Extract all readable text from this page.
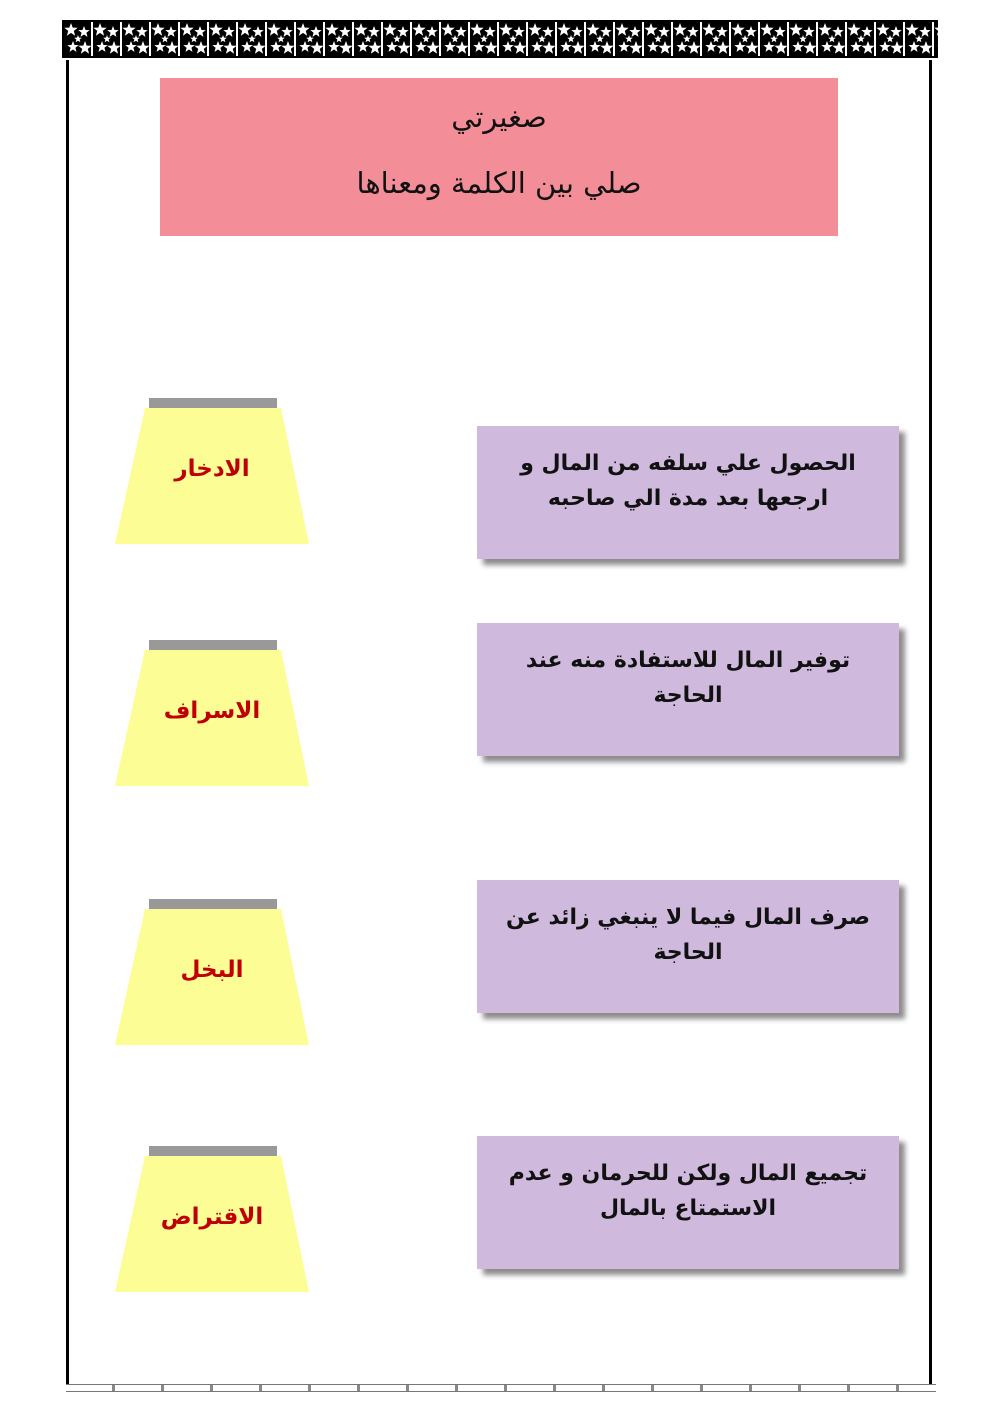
صغيرتي
صلي بين الكلمة ومعناها
الادخار
الاسراف
البخل
الاقتراض
الحصول علي سلفه من المال و ارجعها بعد مدة الي صاحبه
توفير المال للاستفادة منه عند الحاجة
صرف المال فيما لا ينبغي زائد عن الحاجة
تجميع المال ولكن للحرمان و عدم الاستمتاع بالمال
